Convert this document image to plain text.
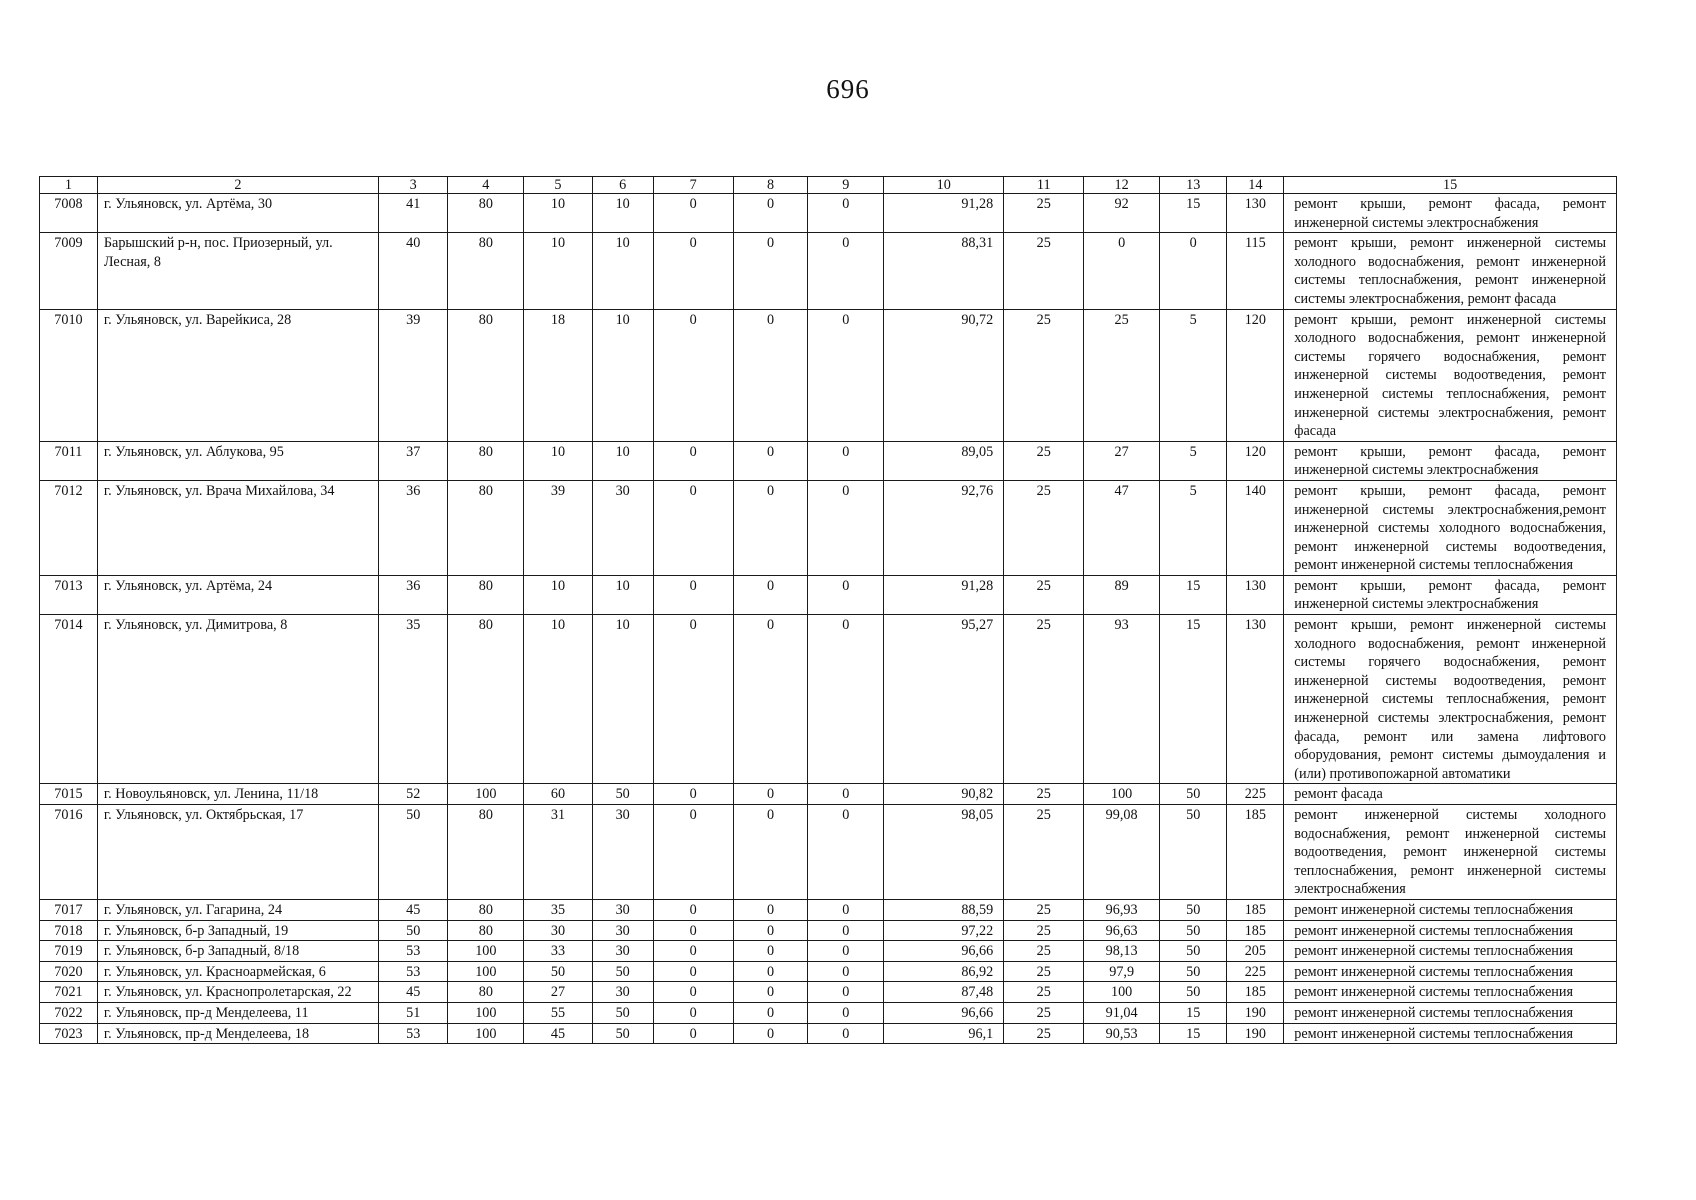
696
1	2	3	4	5	6	7	8	9	10	11	12	13	14	15
7008	г. Ульяновск, ул. Артёма, 30	41	80	10	10	0	0	0	91,28	25	92	15	130	ремонт крыши, ремонт фасада, ремонт инженерной системы электроснабжения
7009	Барышский р-н, пос. Приозерный, ул. Лесная, 8	40	80	10	10	0	0	0	88,31	25	0	0	115	ремонт крыши, ремонт инженерной системы холодного водоснабжения, ремонт инженерной системы теплоснабжения, ремонт инженерной системы электроснабжения, ремонт фасада
7010	г. Ульяновск, ул. Варейкиса, 28	39	80	18	10	0	0	0	90,72	25	25	5	120	ремонт крыши, ремонт инженерной системы холодного водоснабжения, ремонт инженерной системы горячего водоснабжения, ремонт инженерной системы водоотведения, ремонт инженерной системы теплоснабжения, ремонт инженерной системы электроснабжения, ремонт фасада
7011	г. Ульяновск, ул. Аблукова, 95	37	80	10	10	0	0	0	89,05	25	27	5	120	ремонт крыши, ремонт фасада, ремонт инженерной системы электроснабжения
7012	г. Ульяновск, ул. Врача Михайлова, 34	36	80	39	30	0	0	0	92,76	25	47	5	140	ремонт крыши, ремонт фасада, ремонт инженерной системы электроснабжения,ремонт инженерной системы холодного водоснабжения, ремонт инженерной системы водоотведения, ремонт инженерной системы теплоснабжения
7013	г. Ульяновск, ул. Артёма, 24	36	80	10	10	0	0	0	91,28	25	89	15	130	ремонт крыши, ремонт фасада, ремонт инженерной системы электроснабжения
7014	г. Ульяновск, ул. Димитрова, 8	35	80	10	10	0	0	0	95,27	25	93	15	130	ремонт крыши, ремонт инженерной системы холодного водоснабжения, ремонт инженерной системы горячего водоснабжения, ремонт инженерной системы водоотведения, ремонт инженерной системы теплоснабжения, ремонт инженерной системы электроснабжения, ремонт фасада, ремонт или замена лифтового оборудования, ремонт системы дымоудаления и (или) противопожарной автоматики
7015	г. Новоульяновск, ул. Ленина, 11/18	52	100	60	50	0	0	0	90,82	25	100	50	225	ремонт фасада
7016	г. Ульяновск, ул. Октябрьская, 17	50	80	31	30	0	0	0	98,05	25	99,08	50	185	ремонт инженерной системы холодного водоснабжения, ремонт инженерной системы водоотведения, ремонт инженерной системы теплоснабжения, ремонт инженерной системы электроснабжения
7017	г. Ульяновск, ул. Гагарина, 24	45	80	35	30	0	0	0	88,59	25	96,93	50	185	ремонт инженерной системы теплоснабжения
7018	г. Ульяновск, б-р Западный, 19	50	80	30	30	0	0	0	97,22	25	96,63	50	185	ремонт инженерной системы теплоснабжения
7019	г. Ульяновск, б-р Западный, 8/18	53	100	33	30	0	0	0	96,66	25	98,13	50	205	ремонт инженерной системы теплоснабжения
7020	г. Ульяновск, ул. Красноармейская, 6	53	100	50	50	0	0	0	86,92	25	97,9	50	225	ремонт инженерной системы теплоснабжения
7021	г. Ульяновск, ул. Краснопролетарская, 22	45	80	27	30	0	0	0	87,48	25	100	50	185	ремонт инженерной системы теплоснабжения
7022	г. Ульяновск, пр-д Менделеева, 11	51	100	55	50	0	0	0	96,66	25	91,04	15	190	ремонт инженерной системы теплоснабжения
7023	г. Ульяновск, пр-д Менделеева, 18	53	100	45	50	0	0	0	96,1	25	90,53	15	190	ремонт инженерной системы теплоснабжения
